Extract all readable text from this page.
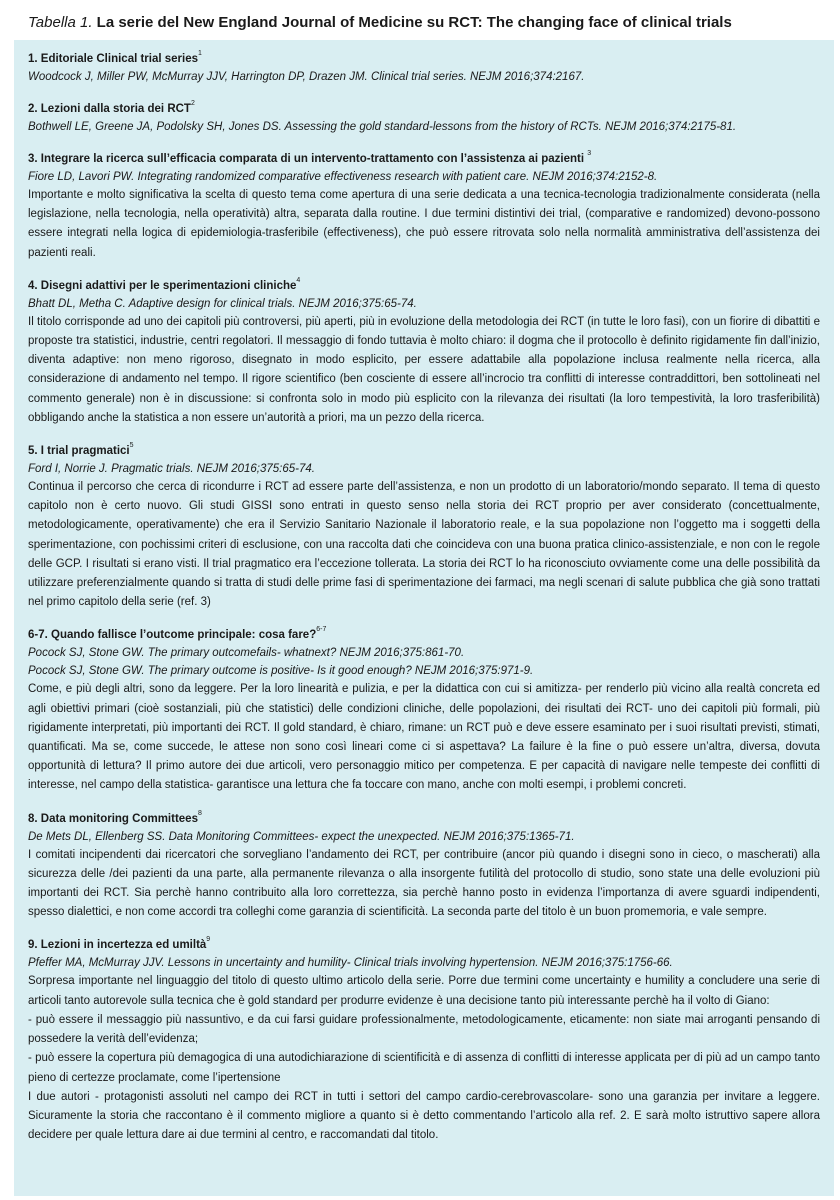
Tabella 1. La serie del New England Journal of Medicine su RCT: The changing face of clinical trials
1. Editoriale Clinical trial series$^1$
Woodcock J, Miller PW, McMurray JJV, Harrington DP, Drazen JM. Clinical trial series. NEJM 2016;374:2167.
2. Lezioni dalla storia dei RCT$^2$
Bothwell LE, Greene JA, Podolsky SH, Jones DS. Assessing the gold standard-lessons from the history of RCTs. NEJM 2016;374:2175-81.
3. Integrare la ricerca sull’efficacia comparata di un intervento-trattamento con l’assistenza ai pazienti $^3$
Fiore LD, Lavori PW. Integrating randomized comparative effectiveness research with patient care. NEJM 2016;374:2152-8.

Importante e molto significativa la scelta di questo tema come apertura di una serie dedicata a una tecnica-tecnologia tradizionalmente considerata (nella legislazione, nella tecnologia, nella operatività) altra, separata dalla routine. I due termini distintivi dei trial, (comparative e randomized) devono-possono essere integrati nella logica di epidemiologia-trasferibile (effectiveness), che può essere ritrovata solo nella normalità amministrativa dell’assistenza dei pazienti reali.

4. Disegni adattivi per le sperimentazioni cliniche$^4$
Bhatt DL, Metha C. Adaptive design for clinical trials. NEJM 2016;375:65-74.

Il titolo corrisponde ad uno dei capitoli più controversi, più aperti, più in evoluzione della metodologia dei RCT (in tutte le loro fasi), con un fiorire di dibattiti e proposte tra statistici, industrie, centri regolatori. Il messaggio di fondo tuttavia è molto chiaro: il dogma che il protocollo è definito rigidamente fin dall’inizio, diventa adaptive: non meno rigoroso, disegnato in modo esplicito, per essere adattabile alla popolazione inclusa realmente nella ricerca, alla considerazione di andamento nel tempo. Il rigore scientifico (ben cosciente di essere all’incrocio tra conflitti di interesse contraddittori, ben sottolineati nel commento generale) non è in discussione: si confronta solo in modo più esplicito con la rilevanza dei risultati (la loro tempestività, la loro trasferibilità) obbligando anche la statistica a non essere un’autorità a priori, ma un pezzo della ricerca.

5. I trial pragmatici$^5$
Ford I, Norrie J. Pragmatic trials. NEJM 2016;375:65-74.

Continua il percorso che cerca di ricondurre i RCT ad essere parte dell’assistenza, e non un prodotto di un laboratorio/mondo separato. Il tema di questo capitolo non è certo nuovo. Gli studi GISSI sono entrati in questo senso nella storia dei RCT proprio per aver considerato (concettualmente, metodologicamente, operativamente) che era il Servizio Sanitario Nazionale il laboratorio reale, e la sua popolazione non l’oggetto ma i soggetti della sperimentazione, con pochissimi criteri di esclusione, con una raccolta dati che coincideva con una buona pratica clinico-assistenziale, e non con le regole delle GCP. I risultati si erano visti. Il trial pragmatico era l’eccezione tollerata. La storia dei RCT lo ha riconosciuto ovviamente come una delle possibilità da utilizzare preferenzialmente quando si tratta di studi delle prime fasi di sperimentazione dei farmaci, ma negli scenari di salute pubblica che già sono trattati nel primo capitolo della serie (ref. 3)

6-7. Quando fallisce l’outcome principale: cosa fare?$^{6-7}$
Pocock SJ, Stone GW. The primary outcomefails- whatnext? NEJM 2016;375:861-70.
Pocock SJ, Stone GW. The primary outcome is positive- Is it good enough? NEJM 2016;375:971-9.

Come, e più degli altri, sono da leggere. Per la loro linearità e pulizia, e per la didattica con cui si amitizza- per renderlo più vicino alla realtà concreta ed agli obiettivi primari (cioè sostanziali, più che statistici) delle condizioni cliniche, delle popolazioni, dei risultati dei RCT- uno dei capitoli più formali, più rigidamente interpretati, più importanti dei RCT. Il gold standard, è chiaro, rimane: un RCT può e deve essere esaminato per i suoi risultati previsti, stimati, quantificati. Ma se, come succede, le attese non sono così lineari come ci si aspettava? La failure è la fine o può essere un’altra, diversa, dovuta opportunità di lettura? Il primo autore dei due articoli, vero personaggio mitico per competenza. E per capacità di navigare nelle tempeste dei conflitti di interesse, nel campo della statistica- garantisce una lettura che fa toccare con mano, anche con molti esempi, i problemi concreti.

8. Data monitoring Committees$^8$
De Mets DL, Ellenberg SS. Data Monitoring Committees- expect the unexpected. NEJM 2016;375:1365-71.

I comitati incipendenti dai ricercatori che sorvegliano l’andamento dei RCT, per contribuire (ancor più quando i disegni sono in cieco, o mascherati) alla sicurezza delle /dei pazienti da una parte, alla permanente rilevanza o alla insorgente futilità del protocollo di studio, sono state una delle evoluzioni più importanti dei RCT. Sia perchè hanno contribuito alla loro correttezza, sia perchè hanno posto in evidenza l’importanza di avere sguardi indipendenti, spesso dialettici, e non come accordi tra colleghi come garanzia di scientificità. La seconda parte del titolo è un buon promemoria, e vale sempre.

9. Lezioni in incertezza ed umiltà$^9$
Pfeffer MA, McMurray JJV. Lessons in uncertainty and humility- Clinical trials involving hypertension. NEJM 2016;375:1756-66.

Sorpresa importante nel linguaggio del titolo di questo ultimo articolo della serie. Porre due termini come uncertainty e humility a concludere una serie di articoli tanto autorevole sulla tecnica che è gold standard per produrre evidenze è una decisione tanto più interessante perchè ha il volto di Giano:

- può essere il messaggio più nassuntivo, e da cui farsi guidare professionalmente, metodologicamente, eticamente: non siate mai arroganti pensando di possedere la verità dell’evidenza;

- può essere la copertura più demagogica di una autodichiarazione di scientificità e di assenza di conflitti di interesse applicata per di più ad un campo tanto pieno di certezze proclamate, come l’ipertensione

I due autori - protagonisti assoluti nel campo dei RCT in tutti i settori del campo cardio-cerebrovascolare- sono una garanzia per invitare a leggere. Sicuramente la storia che raccontano è il commento migliore a quanto si è detto commentando l’articolo alla ref. 2. E sarà molto istruttivo sapere allora decidere per quale lettura dare ai due termini al centro, e raccomandati dal titolo.
